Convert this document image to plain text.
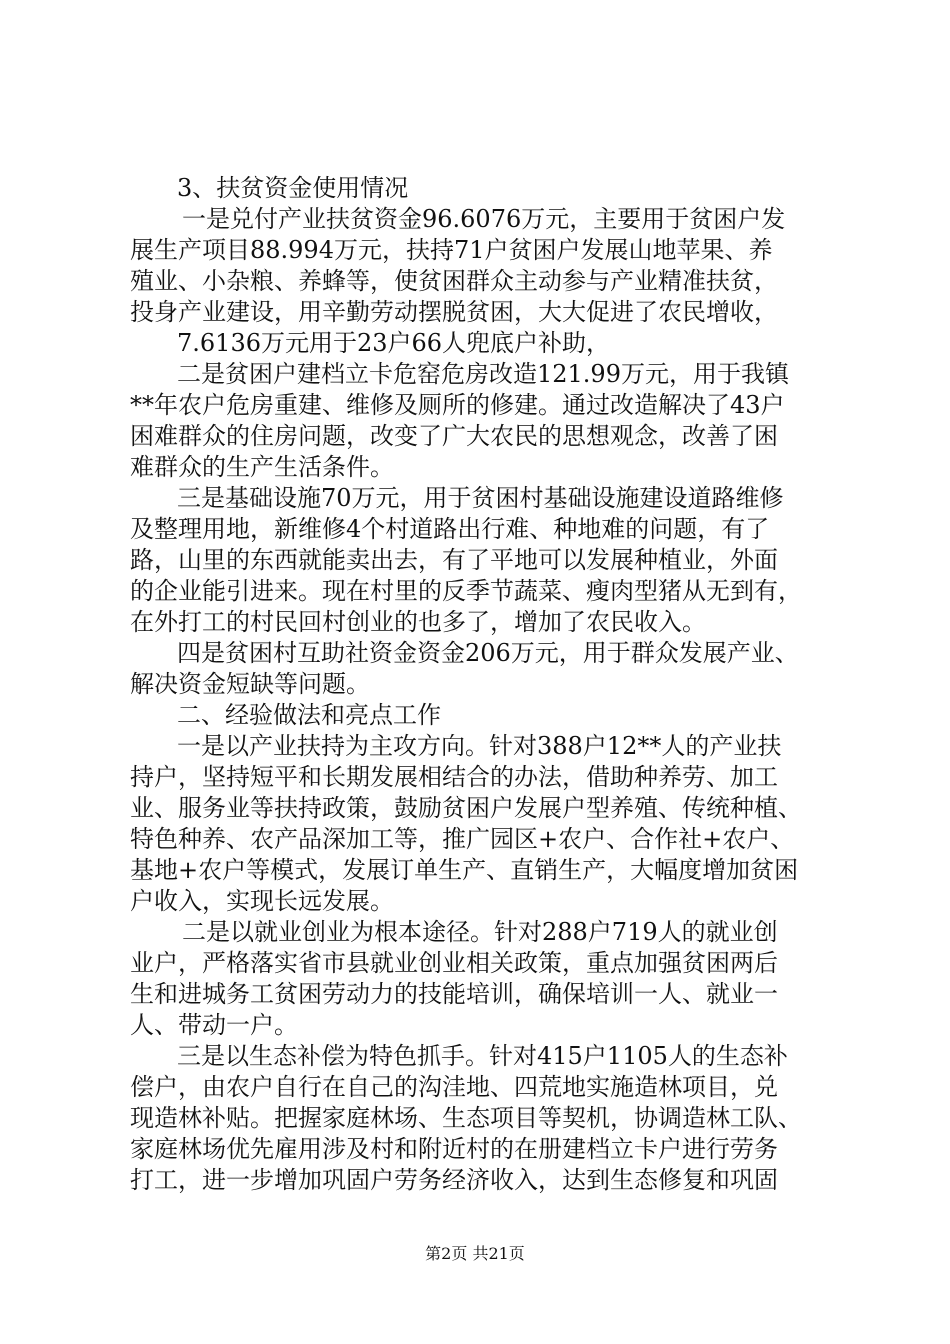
3、扶贫资金使用情况
一是兑付产业扶贫资金96.6076万元，主要用于贫困户发
展生产项目88.994万元，扶持71户贫困户发展山地苹果、养
殖业、小杂粮、养蜂等，使贫困群众主动参与产业精准扶贫，
投身产业建设，用辛勤劳动摆脱贫困，大大促进了农民增收，
7.6136万元用于23户66人兜底户补助，
二是贫困户建档立卡危窑危房改造121.99万元，用于我镇
**年农户危房重建、维修及厕所的修建。通过改造解决了43户
困难群众的住房问题，改变了广大农民的思想观念，改善了困
难群众的生产生活条件。
三是基础设施70万元，用于贫困村基础设施建设道路维修
及整理用地，新维修4个村道路出行难、种地难的问题，有了
路，山里的东西就能卖出去，有了平地可以发展种植业，外面
的企业能引进来。现在村里的反季节蔬菜、瘦肉型猪从无到有，
在外打工的村民回村创业的也多了，增加了农民收入。
四是贫困村互助社资金资金206万元，用于群众发展产业、
解决资金短缺等问题。
二、经验做法和亮点工作
一是以产业扶持为主攻方向。针对388户12**人的产业扶
持户，坚持短平和长期发展相结合的办法，借助种养劳、加工
业、服务业等扶持政策，鼓励贫困户发展户型养殖、传统种植、
特色种养、农产品深加工等，推广园区+农户、合作社+农户、
基地+农户等模式，发展订单生产、直销生产，大幅度增加贫困
户收入，实现长远发展。
二是以就业创业为根本途径。针对288户719人的就业创
业户，严格落实省市县就业创业相关政策，重点加强贫困两后
生和进城务工贫困劳动力的技能培训，确保培训一人、就业一
人、带动一户。
三是以生态补偿为特色抓手。针对415户1105人的生态补
偿户，由农户自行在自己的沟洼地、四荒地实施造林项目，兑
现造林补贴。把握家庭林场、生态项目等契机，协调造林工队、
家庭林场优先雇用涉及村和附近村的在册建档立卡户进行劳务
打工，进一步增加巩固户劳务经济收入，达到生态修复和巩固
第2页 共21页
